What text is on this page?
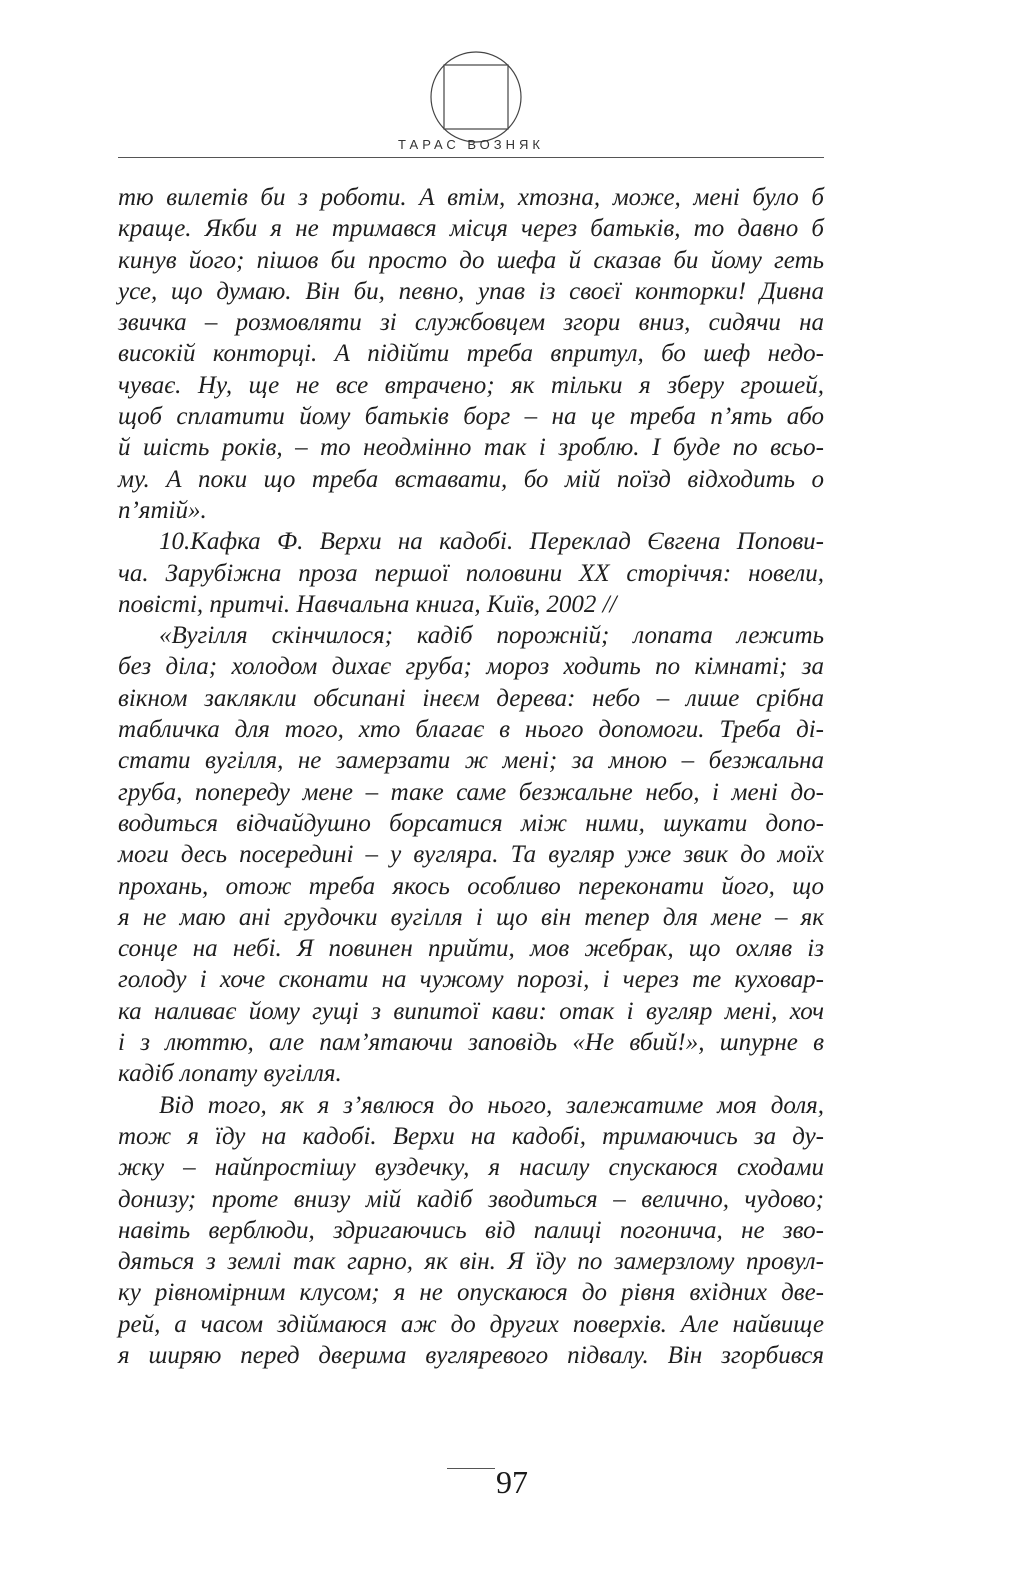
ТАРАС ВОЗНЯК
тю вилетів би з роботи. А втім, хтозна, може, мені було б
краще. Якби я не тримався місця через батьків, то давно б
кинув його; пішов би просто до шефа й сказав би йому геть
усе, що думаю. Він би, певно, упав із своєї конторки! Дивна
звичка – розмовляти зі службовцем згори вниз, сидячи на
високій конторці. А підійти треба впритул, бо шеф недо-
чуває. Ну, ще не все втрачено; як тільки я зберу грошей,
щоб сплатити йому батьків борг – на це треба п’ять або
й шість років, – то неодмінно так і зроблю. І буде по всьо-
му. А поки що треба вставати, бо мій поїзд відходить о
п’ятій».
10.Кафка Ф. Верхи на кадобі. Переклад Євгена Попови-
ча. Зарубіжна проза першої половини ХХ сторіччя: новели,
повісті, притчі. Навчальна книга, Київ, 2002 //
«Вугілля скінчилося; кадіб порожній; лопата лежить
без діла; холодом дихає груба; мороз ходить по кімнаті; за
вікном заклякли обсипані інеєм дерева: небо – лише срібна
табличка для того, хто благає в нього допомоги. Треба ді-
стати вугілля, не замерзати ж мені; за мною – безжальна
груба, попереду мене – таке саме безжальне небо, і мені до-
водиться відчайдушно борсатися між ними, шукати допо-
моги десь посередині – у вугляра. Та вугляр уже звик до моїх
прохань, отож треба якось особливо переконати його, що
я не маю ані грудочки вугілля і що він тепер для мене – як
сонце на небі. Я повинен прийти, мов жебрак, що охляв із
голоду і хоче сконати на чужому порозі, і через те куховар-
ка наливає йому гущі з випитої кави: отак і вугляр мені, хоч
і з люттю, але пам’ятаючи заповідь «Не вбий!», шпурне в
кадіб лопату вугілля.
Від того, як я з’явлюся до нього, залежатиме моя доля,
тож я їду на кадобі. Верхи на кадобі, тримаючись за ду-
жку – найпростішу вуздечку, я насилу спускаюся сходами
донизу; проте внизу мій кадіб зводиться – велично, чудово;
навіть верблюди, здригаючись від палиці погонича, не зво-
дяться з землі так гарно, як він. Я їду по замерзлому провул-
ку рівномірним клусом; я не опускаюся до рівня вхідних две-
рей, а часом здіймаюся аж до других поверхів. Але найвище
я ширяю перед дверима вугляревого підвалу. Він згорбився
97
